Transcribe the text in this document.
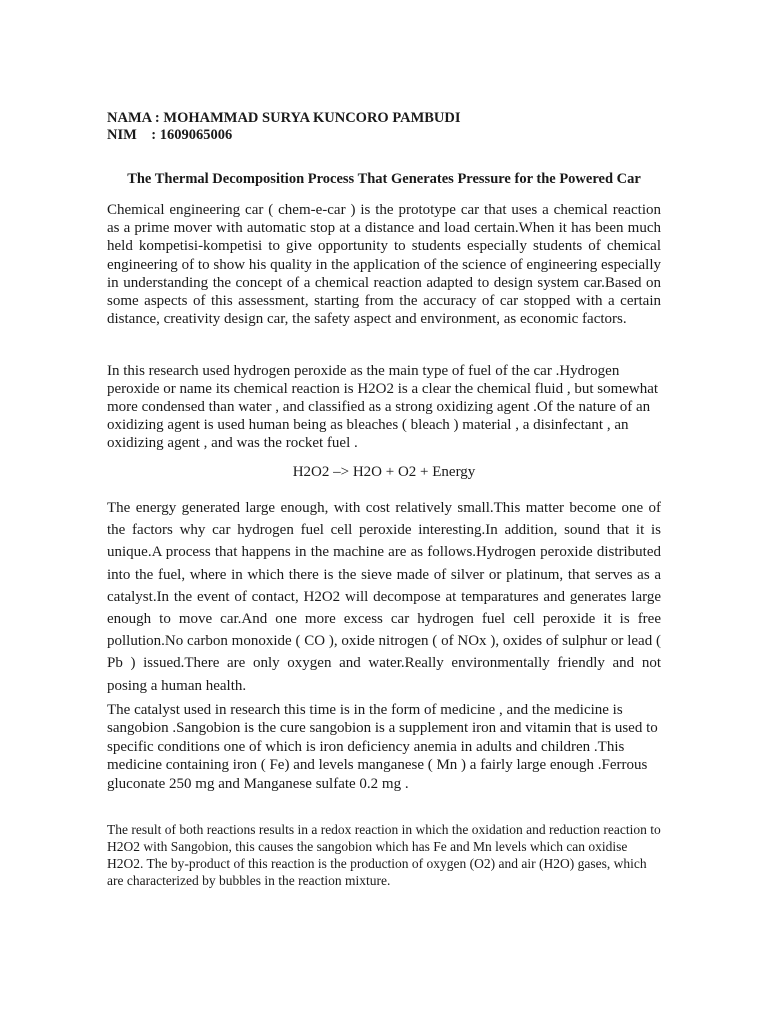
NAMA : MOHAMMAD SURYA KUNCORO PAMBUDI
NIM    : 1609065006
The Thermal Decomposition Process That Generates Pressure for the Powered Car

Chemical engineering car ( chem-e-car ) is the prototype car that uses a chemical reaction as a prime mover with automatic stop at a distance and load certain.When it has been much held kompetisi-kompetisi to give opportunity to students especially students of chemical engineering of to show his quality in the application of the science of engineering especially in understanding the concept of a chemical reaction adapted to design system car.Based on some aspects of this assessment, starting from the accuracy of car stopped with a certain distance, creativity design car, the safety aspect and environment, as economic factors.

In this research used hydrogen peroxide as the main type of fuel of the car .Hydrogen peroxide or name its chemical reaction is H2O2 is a clear the chemical fluid , but somewhat more condensed than water , and classified as a strong oxidizing agent .Of the nature of an oxidizing agent is used human being as bleaches ( bleach ) material , a disinfectant , an oxidizing agent , and was the rocket fuel .

H2O2 –> H2O + O2 + Energy

The energy generated large enough, with cost relatively small.This matter become one of the factors why car hydrogen fuel cell peroxide interesting.In addition, sound that it is unique.A process that happens in the machine are as follows.Hydrogen peroxide distributed into the fuel, where in which there is the sieve made of silver or platinum, that serves as a catalyst.In the event of contact, H2O2 will decompose at temparatures and generates large enough to move car.And one more excess car hydrogen fuel cell peroxide it is free pollution.No carbon monoxide ( CO ), oxide nitrogen ( of NOx ), oxides of sulphur or lead ( Pb ) issued.There are only oxygen and water.Really environmentally friendly and not posing a human health.

The catalyst used in research this time is in the form of medicine , and the medicine is sangobion .Sangobion is the cure sangobion is a supplement iron and vitamin that is used to specific conditions one of which is iron deficiency anemia in adults and children .This medicine containing iron ( Fe) and levels manganese ( Mn ) a fairly large enough .Ferrous gluconate 250 mg and Manganese sulfate 0.2 mg .

The result of both reactions results in a redox reaction in which the oxidation and reduction reaction to H2O2 with Sangobion, this causes the sangobion which has Fe and Mn levels which can oxidise H2O2. The by-product of this reaction is the production of oxygen (O2) and air (H2O) gases, which are characterized by bubbles in the reaction mixture.
